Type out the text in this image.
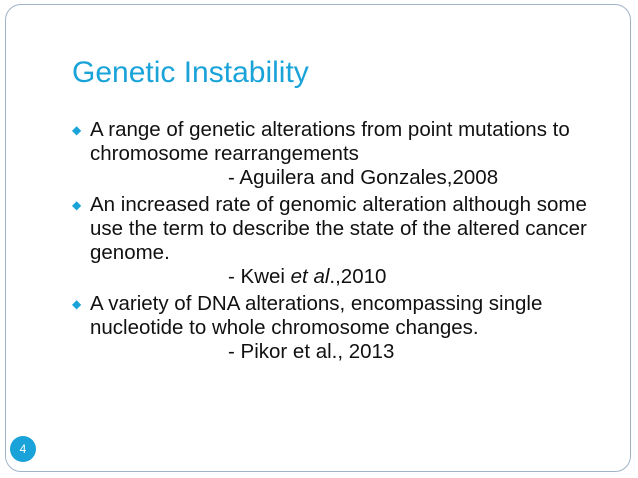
Genetic Instability
◆ A range of genetic alterations from point mutations to chromosome rearrangements
- Aguilera and Gonzales,2008
◆ An increased rate of genomic alteration although some use the term to describe the state of the altered cancer genome.
- Kwei et al.,2010
◆ A variety of DNA alterations, encompassing single nucleotide to whole chromosome changes.
- Pikor et al., 2013
4
